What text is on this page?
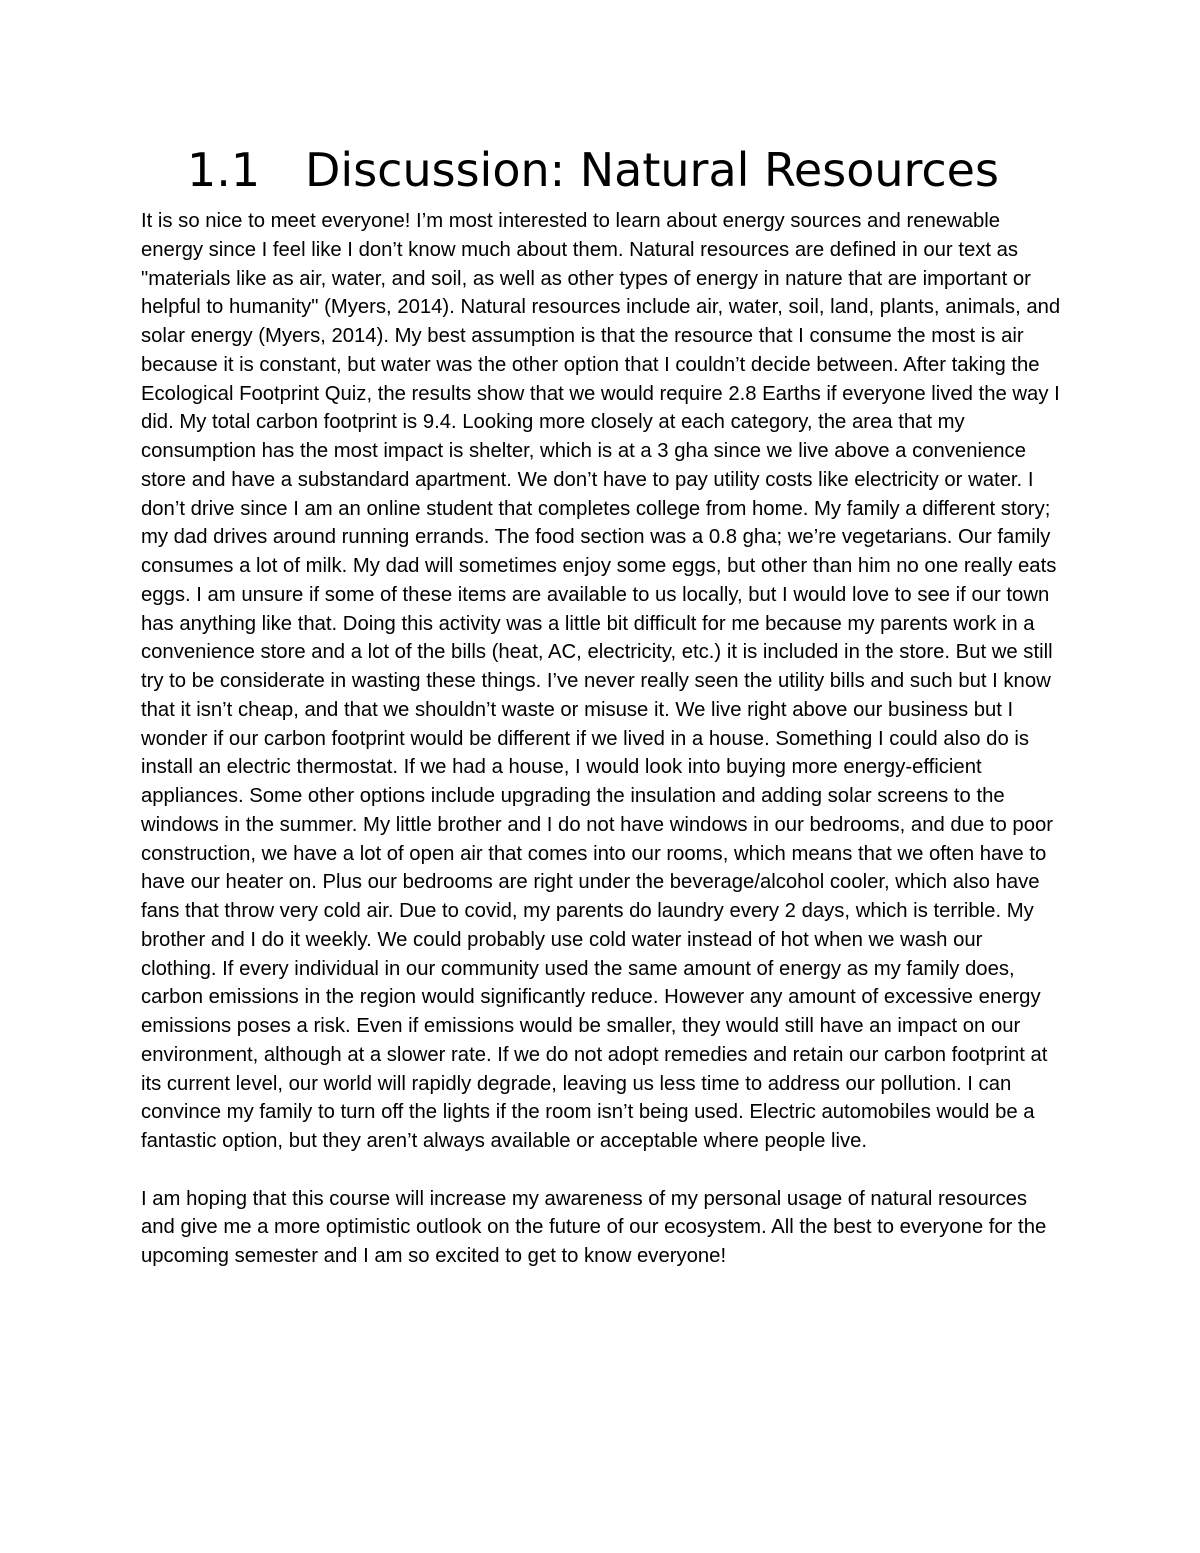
1.1 Discussion: Natural Resources

It is so nice to meet everyone! I’m most interested to learn about energy sources and renewable energy since I feel like I don’t know much about them. Natural resources are defined in our text as "materials like as air, water, and soil, as well as other types of energy in nature that are important or helpful to humanity" (Myers, 2014). Natural resources include air, water, soil, land, plants, animals, and solar energy (Myers, 2014). My best assumption is that the resource that I consume the most is air because it is constant, but water was the other option that I couldn’t decide between. After taking the Ecological Footprint Quiz, the results show that we would require 2.8 Earths if everyone lived the way I did. My total carbon footprint is 9.4. Looking more closely at each category, the area that my consumption has the most impact is shelter, which is at a 3 gha since we live above a convenience store and have a substandard apartment. We don’t have to pay utility costs like electricity or water. I don’t drive since I am an online student that completes college from home. My family a different story; my dad drives around running errands. The food section was a 0.8 gha; we’re vegetarians. Our family consumes a lot of milk. My dad will sometimes enjoy some eggs, but other than him no one really eats eggs. I am unsure if some of these items are available to us locally, but I would love to see if our town has anything like that. Doing this activity was a little bit difficult for me because my parents work in a convenience store and a lot of the bills (heat, AC, electricity, etc.) it is included in the store. But we still try to be considerate in wasting these things. I’ve never really seen the utility bills and such but I know that it isn’t cheap, and that we shouldn’t waste or misuse it. We live right above our business but I wonder if our carbon footprint would be different if we lived in a house. Something I could also do is install an electric thermostat. If we had a house, I would look into buying more energy-efficient appliances. Some other options include upgrading the insulation and adding solar screens to the windows in the summer. My little brother and I do not have windows in our bedrooms, and due to poor construction, we have a lot of open air that comes into our rooms, which means that we often have to have our heater on. Plus our bedrooms are right under the beverage/alcohol cooler, which also have fans that throw very cold air. Due to covid, my parents do laundry every 2 days, which is terrible. My brother and I do it weekly. We could probably use cold water instead of hot when we wash our clothing. If every individual in our community used the same amount of energy as my family does, carbon emissions in the region would significantly reduce. However any amount of excessive energy emissions poses a risk. Even if emissions would be smaller, they would still have an impact on our environment, although at a slower rate. If we do not adopt remedies and retain our carbon footprint at its current level, our world will rapidly degrade, leaving us less time to address our pollution. I can convince my family to turn off the lights if the room isn’t being used. Electric automobiles would be a fantastic option, but they aren’t always available or acceptable where people live.

I am hoping that this course will increase my awareness of my personal usage of natural resources and give me a more optimistic outlook on the future of our ecosystem. All the best to everyone for the upcoming semester and I am so excited to get to know everyone!
